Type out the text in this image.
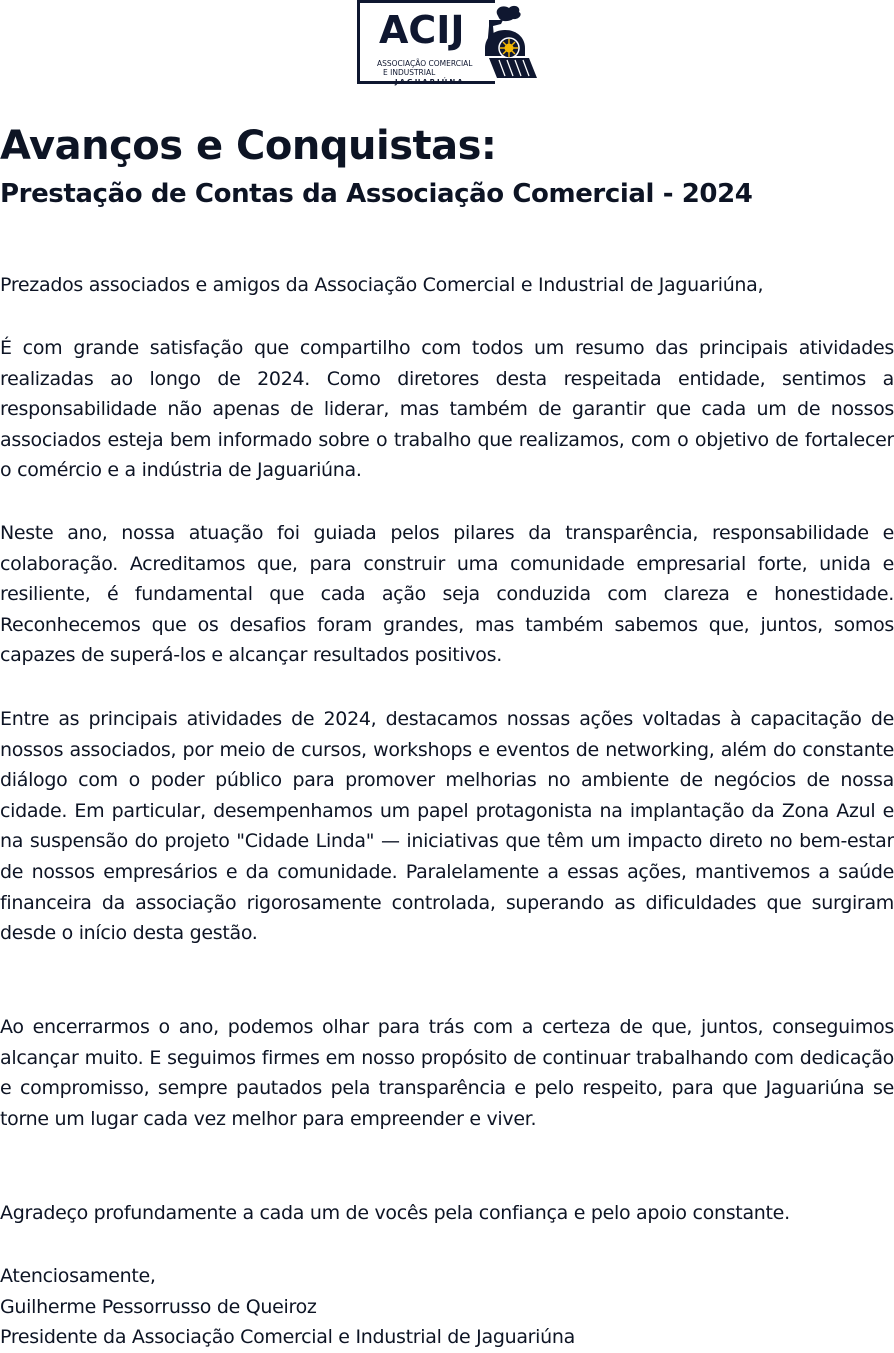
ACIJ
ASSOCIAÇÃO COMERCIAL
E INDUSTRIAL
JAGUARIÚNA
Avanços e Conquistas:
Prestação de Contas da Associação Comercial - 2024
Prezados associados e amigos da Associação Comercial e Industrial de Jaguariúna,
É com grande satisfação que compartilho com todos um resumo das principais atividades realizadas ao longo de 2024. Como diretores desta respeitada entidade, sentimos a responsabilidade não apenas de liderar, mas também de garantir que cada um de nossos associados esteja bem informado sobre o trabalho que realizamos, com o objetivo de fortalecer o comércio e a indústria de Jaguariúna.
Neste ano, nossa atuação foi guiada pelos pilares da transparência, responsabilidade e colaboração. Acreditamos que, para construir uma comunidade empresarial forte, unida e resiliente, é fundamental que cada ação seja conduzida com clareza e honestidade. Reconhecemos que os desafios foram grandes, mas também sabemos que, juntos, somos capazes de superá-los e alcançar resultados positivos.
Entre as principais atividades de 2024, destacamos nossas ações voltadas à capacitação de nossos associados, por meio de cursos, workshops e eventos de networking, além do constante diálogo com o poder público para promover melhorias no ambiente de negócios de nossa cidade. Em particular, desempenhamos um papel protagonista na implantação da Zona Azul e na suspensão do projeto "Cidade Linda" — iniciativas que têm um impacto direto no bem-estar de nossos empresários e da comunidade. Paralelamente a essas ações, mantivemos a saúde financeira da associação rigorosamente controlada, superando as dificuldades que surgiram desde o início desta gestão.
Ao encerrarmos o ano, podemos olhar para trás com a certeza de que, juntos, conseguimos alcançar muito. E seguimos firmes em nosso propósito de continuar trabalhando com dedicação e compromisso, sempre pautados pela transparência e pelo respeito, para que Jaguariúna se torne um lugar cada vez melhor para empreender e viver.
Agradeço profundamente a cada um de vocês pela confiança e pelo apoio constante.
Atenciosamente,
Guilherme Pessorrusso de Queiroz
Presidente da Associação Comercial e Industrial de Jaguariúna
